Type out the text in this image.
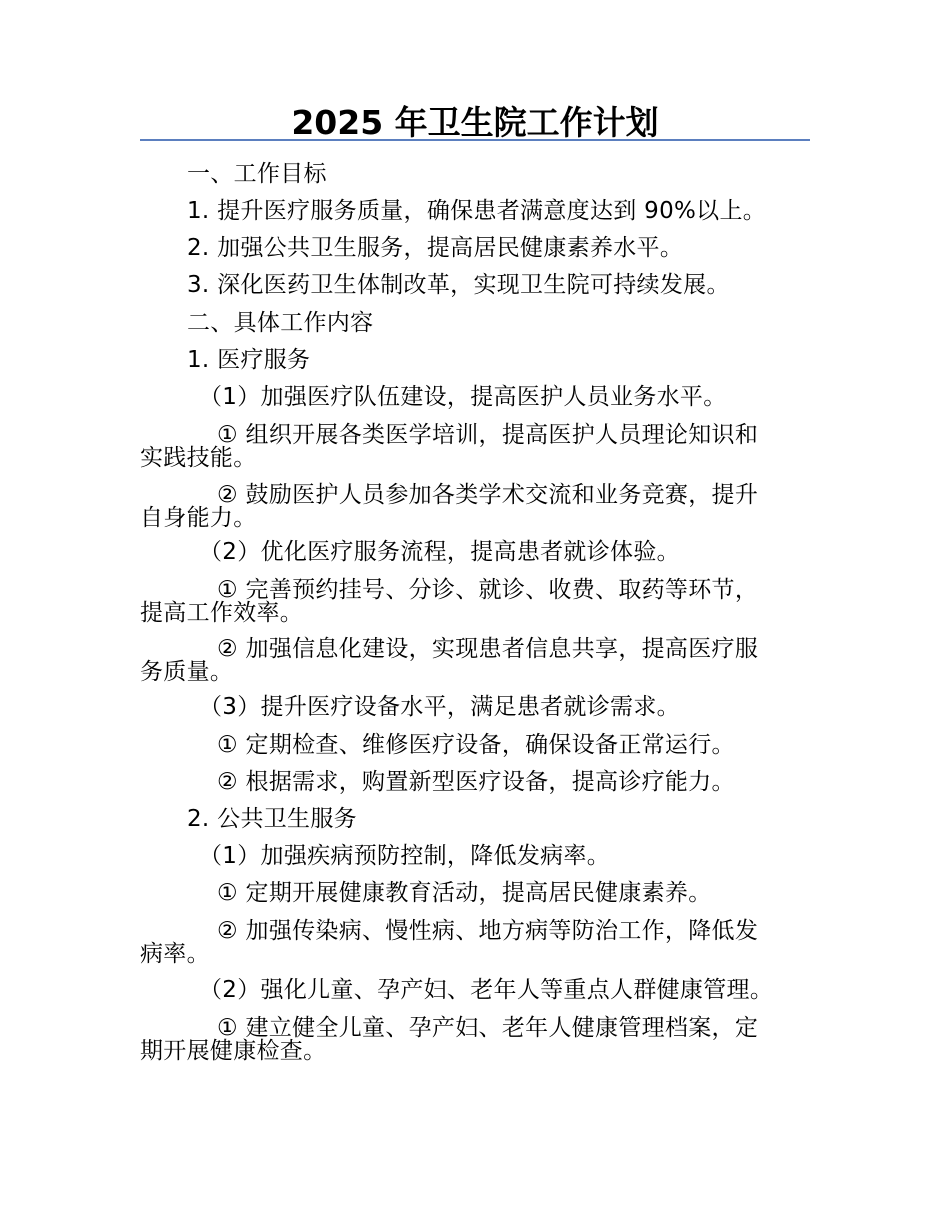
2025 年卫生院工作计划
一、工作目标
1. 提升医疗服务质量，确保患者满意度达到 90%以上。
2. 加强公共卫生服务，提高居民健康素养水平。
3. 深化医药卫生体制改革，实现卫生院可持续发展。
二、具体工作内容
1. 医疗服务
（1）加强医疗队伍建设，提高医护人员业务水平。
① 组织开展各类医学培训，提高医护人员理论知识和
实践技能。
② 鼓励医护人员参加各类学术交流和业务竞赛，提升
自身能力。
（2）优化医疗服务流程，提高患者就诊体验。
① 完善预约挂号、分诊、就诊、收费、取药等环节，
提高工作效率。
② 加强信息化建设，实现患者信息共享，提高医疗服
务质量。
（3）提升医疗设备水平，满足患者就诊需求。
① 定期检查、维修医疗设备，确保设备正常运行。
② 根据需求，购置新型医疗设备，提高诊疗能力。
2. 公共卫生服务
（1）加强疾病预防控制，降低发病率。
① 定期开展健康教育活动，提高居民健康素养。
② 加强传染病、慢性病、地方病等防治工作，降低发
病率。
（2）强化儿童、孕产妇、老年人等重点人群健康管理。
① 建立健全儿童、孕产妇、老年人健康管理档案，定
期开展健康检查。
